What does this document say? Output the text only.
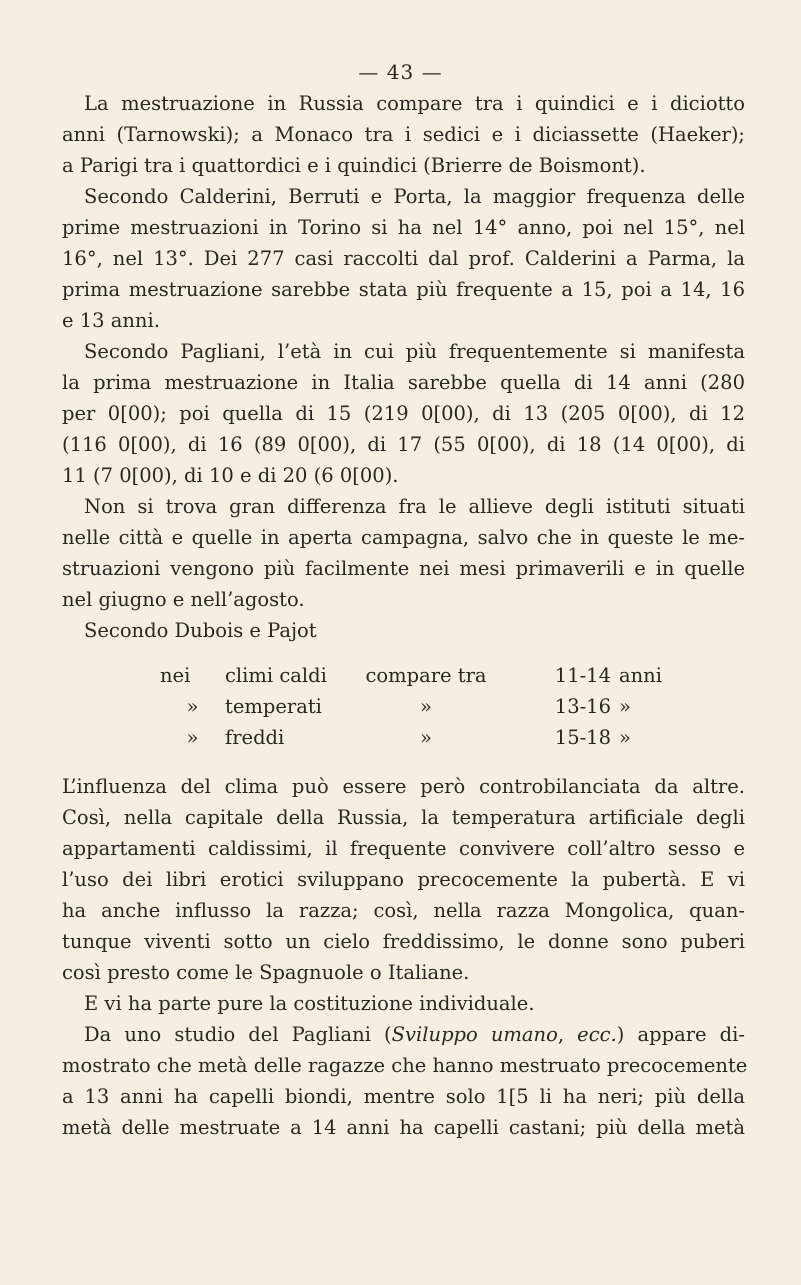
— 43 —
La mestruazione in Russia compare tra i quindici e i diciotto
anni (Tarnowski); a Monaco tra i sedici e i diciassette (Haeker);
a Parigi tra i quattordici e i quindici (Brierre de Boismont).
Secondo Calderini, Berruti e Porta, la maggior frequenza delle
prime mestruazioni in Torino si ha nel 14° anno, poi nel 15°, nel
16°, nel 13°. Dei 277 casi raccolti dal prof. Calderini a Parma, la
prima mestruazione sarebbe stata più frequente a 15, poi a 14, 16
e 13 anni.
Secondo Pagliani, l’età in cui più frequentemente si manifesta
la prima mestruazione in Italia sarebbe quella di 14 anni (280
per 0[00); poi quella di 15 (219 0[00), di 13 (205 0[00), di 12
(116 0[00), di 16 (89 0[00), di 17 (55 0[00), di 18 (14 0[00), di
11 (7 0[00), di 10 e di 20 (6 0[00).
Non si trova gran differenza fra le allieve degli istituti situati
nelle città e quelle in aperta campagna, salvo che in queste le me-
struazioni vengono più facilmente nei mesi primaverili e in quelle
nel giugno e nell’agosto.
Secondo Dubois e Pajot
nei	climi caldi	compare tra	11-14 anni
»	temperati	»	13-16 »
»	freddi	»	15-18 »
L’influenza del clima può essere però controbilanciata da altre.
Così, nella capitale della Russia, la temperatura artificiale degli
appartamenti caldissimi, il frequente convivere coll’altro sesso e
l’uso dei libri erotici sviluppano precocemente la pubertà. E vi
ha anche influsso la razza; così, nella razza Mongolica, quan-
tunque viventi sotto un cielo freddissimo, le donne sono puberi
così presto come le Spagnuole o Italiane.
E vi ha parte pure la costituzione individuale.
Da uno studio del Pagliani (Sviluppo umano, ecc.) appare di-
mostrato che metà delle ragazze che hanno mestruato precocemente
a 13 anni ha capelli biondi, mentre solo 1[5 li ha neri; più della
metà delle mestruate a 14 anni ha capelli castani; più della metà
